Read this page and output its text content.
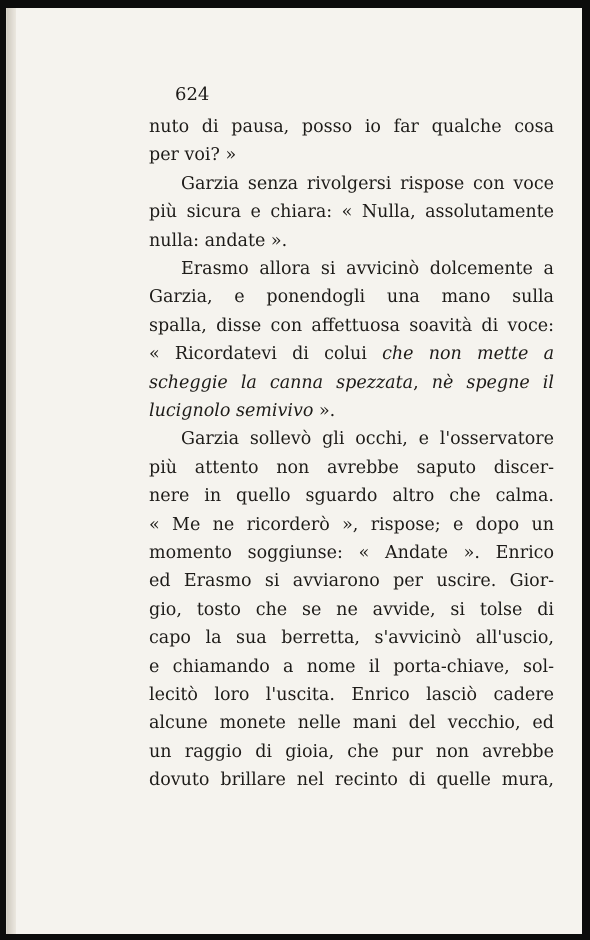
624
nuto di pausa, posso io far qualche cosa
per voi? »
Garzia senza rivolgersi rispose con voce
più sicura e chiara: « Nulla, assolutamente
nulla: andate ».
Erasmo allora si avvicinò dolcemente a
Garzia, e ponendogli una mano sulla
spalla, disse con affettuosa soavità di voce:
« Ricordatevi di colui che non mette a
scheggie la canna spezzata, nè spegne il
lucignolo semivivo ».
Garzia sollevò gli occhi, e l'osservatore
più attento non avrebbe saputo discer-
nere in quello sguardo altro che calma.
« Me ne ricorderò », rispose; e dopo un
momento soggiunse: « Andate ». Enrico
ed Erasmo si avviarono per uscire. Gior-
gio, tosto che se ne avvide, si tolse di
capo la sua berretta, s'avvicinò all'uscio,
e chiamando a nome il porta-chiave, sol-
lecitò loro l'uscita. Enrico lasciò cadere
alcune monete nelle mani del vecchio, ed
un raggio di gioia, che pur non avrebbe
dovuto brillare nel recinto di quelle mura,
